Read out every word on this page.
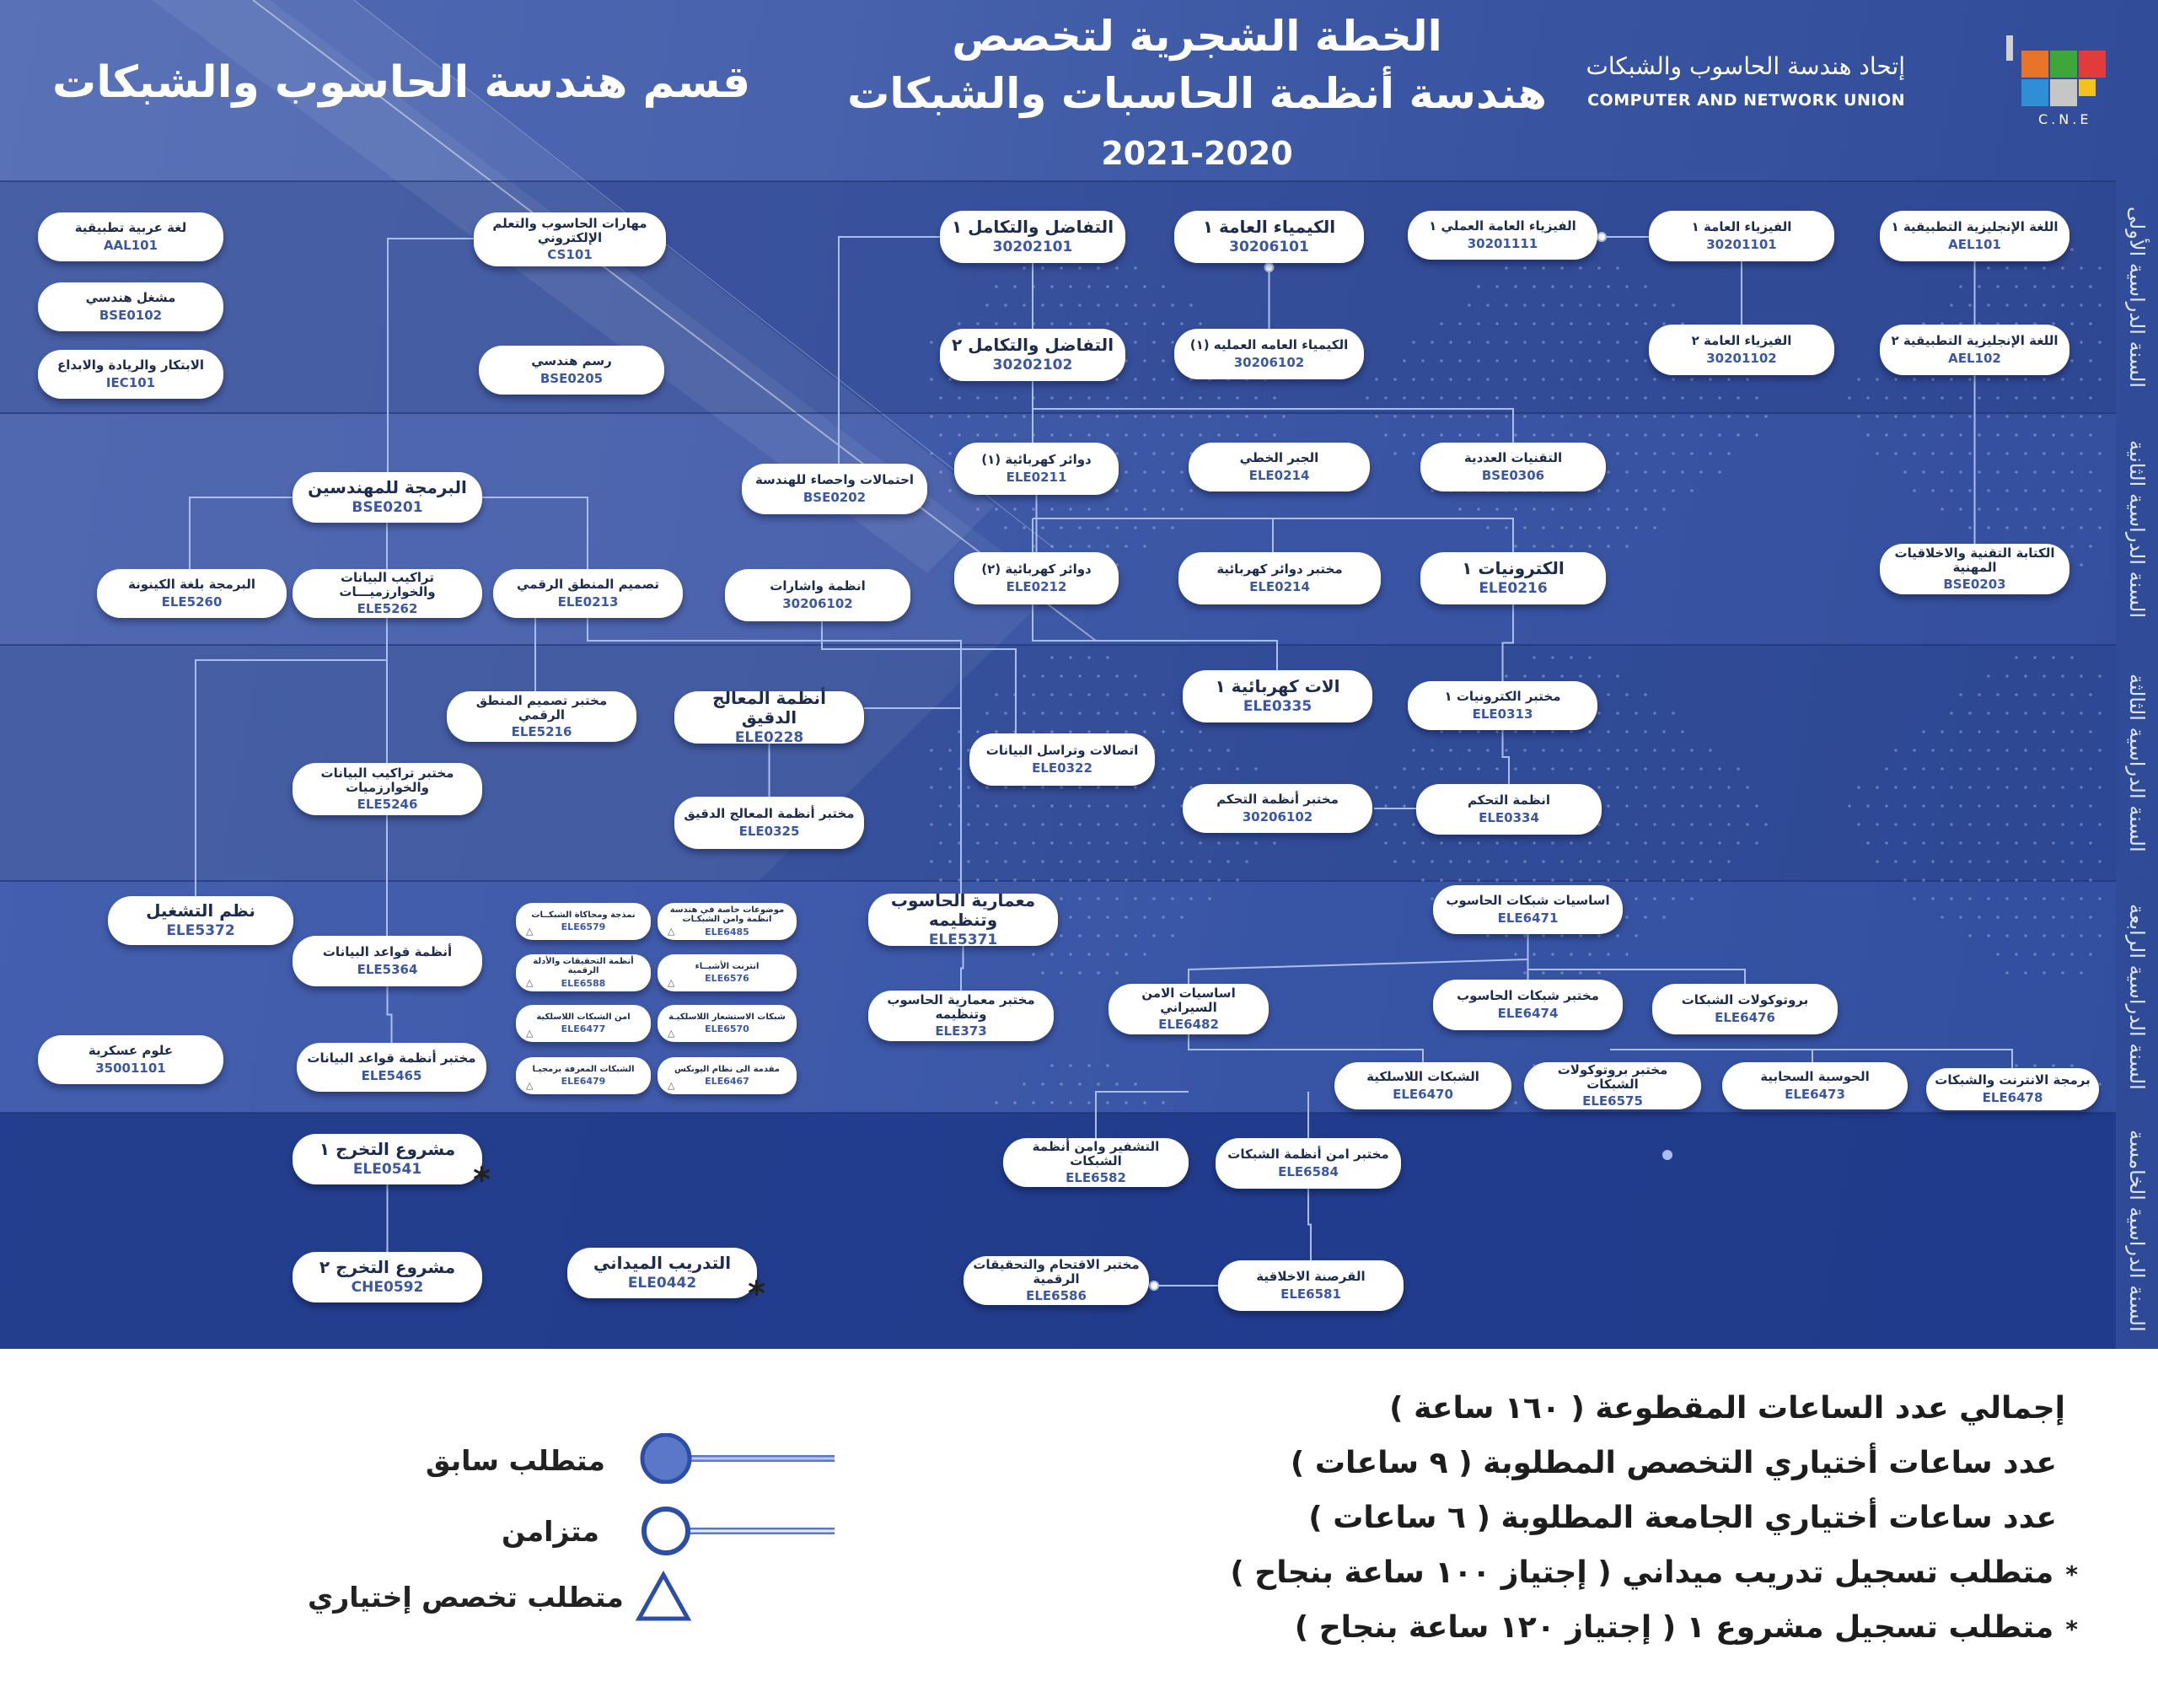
قسم هندسة الحاسوب والشبكات
الخطة الشجرية لتخصص
هندسة أنظمة الحاسبات والشبكات
2021-2020
إتحاد هندسة الحاسوب والشبكات
COMPUTER AND NETWORK UNION
C.N.E
السنة الدراسية الأولى
السنة الدراسية الثانية
السنة الدراسية الثالثة
السنة الدراسية الرابعة
السنة الدراسية الخامسة
لغة عربية تطبيقية
AAL101
مشغل هندسي
BSE0102
الابتكار والريادة والابداع
IEC101
مهارات الحاسوب والتعلم الإلكتروني
CS101
رسم هندسي
BSE0205
التفاضل والتكامل ١
30202101
الكيمياء العامة ١
30206101
الفيزياء العامة العملي ١
30201111
الفيزياء العامة ١
30201101
اللغة الإنجليزية التطبيقية ١
AEL101
التفاضل والتكامل ٢
30202102
الكيمياء العامه العمليه (١)
30206102
الفيزياء العامة ٢
30201102
اللغة الإنجليزية التطبيقية ٢
AEL102
البرمجة للمهندسين
BSE0201
احتمالات واحصاء للهندسة
BSE0202
دوائر كهربائية (١)
ELE0211
الجبر الخطي
ELE0214
التقنيات العددية
BSE0306
الكتابة التقنية والاخلاقيات المهنية
BSE0203
البرمجة بلغة الكينونة
ELE5260
تراكيب البيانات والخوارزميـــات
ELE5262
تصميم المنطق الرقمي
ELE0213
انظمة واشارات
30206102
دوائر كهربائية (٢)
ELE0212
مختبر دوائر كهربائية
ELE0214
الكترونيات ١
ELE0216
مختبر تصميم المنطق الرقمي
ELE5216
أنظمة المعالج الدقيق
ELE0228
الات كهربائية ١
ELE0335
مختبر الكترونيات ١
ELE0313
اتصالات وتراسل البيانات
ELE0322
مختبر تراكيب البيانات والخوارزميات
ELE5246
مختبر أنظمة المعالج الدقيق
ELE0325
مختبر أنظمة التحكم
30206102
انظمة التحكم
ELE0334
نظم التشغيل
ELE5372
أنظمة قواعد البيانات
ELE5364
علوم عسكرية
35001101
مختبر أنظمة قواعد البيانات
ELE5465
نمذجة ومحاكاة الشبكــات
ELE6579
△
موضوعات خاصة في هندسة انظمة وامن الشبكـات
ELE6485
△
أنظمة التحقيقات والأدلة الرقمية
ELE6588
△
انترنت الأشيــاء
ELE6576
△
امن الشبكات اللاسلكية
ELE6477
△
شبكات الاستشعار اللاسلكيـة
ELE6570
△
الشبكات المعرفة برمجيـا
ELE6479
△
مقدمة الى نظام اليونكس
ELE6467
△
معمارية الحاسوب وتنظيمه
ELE5371
مختبر معمارية الحاسوب وتنظيمه
ELE373
اساسيات شبكات الحاسوب
ELE6471
اساسيات الامن السيراني
ELE6482
مختبر شبكات الحاسوب
ELE6474
بروتوكولات الشبكات
ELE6476
الشبكات اللاسلكية
ELE6470
مختبر بروتوكولات الشبكات
ELE6575
الحوسبة السحابية
ELE6473
برمجة الانترنت والشبكات
ELE6478
مشروع التخرج ١
ELE0541 *
مشروع التخرج ٢
CHE0592
التدريب الميداني
ELE0442 *
التشفير وامن أنظمة الشبكات
ELE6582
مختبر امن أنظمة الشبكات
ELE6584
مختبر الاقتحام والتحقيقات الرقمية
ELE6586
القرصنة الاخلاقية
ELE6581
متطلب سابق
متزامن
متطلب تخصص إختياري
إجمالي عدد الساعات المقطوعة ( ١٦٠ ساعة )
عدد ساعات أختياري التخصص المطلوبة ( ٩ ساعات )
عدد ساعات أختياري الجامعة المطلوبة ( ٦ ساعات )
*متطلب تسجيل تدريب ميداني ( إجتياز ١٠٠ ساعة بنجاح )
*متطلب تسجيل مشروع ١ ( إجتياز ١٢٠ ساعة بنجاح )
